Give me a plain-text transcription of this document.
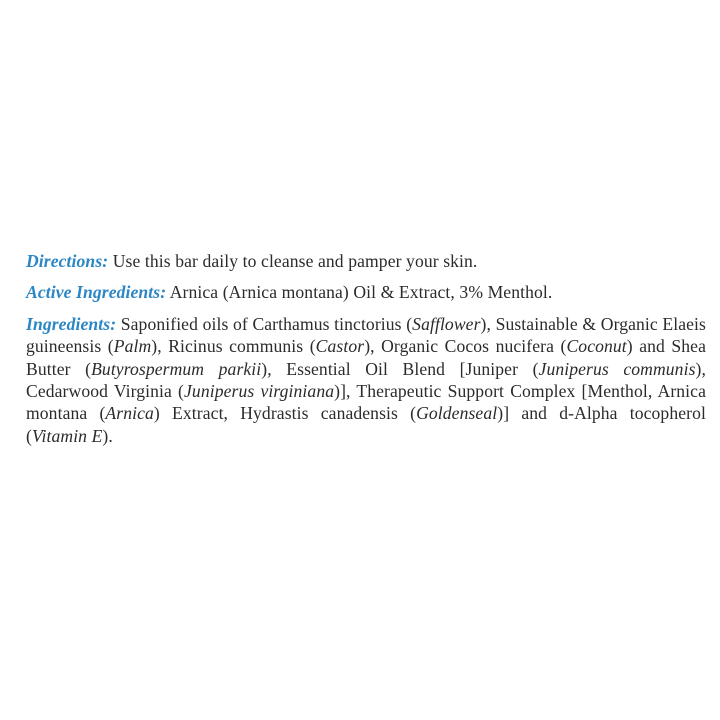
Directions: Use this bar daily to cleanse and pamper your skin.

Active Ingredients: Arnica (Arnica montana) Oil & Extract, 3% Menthol.

Ingredients: Saponified oils of Carthamus tinctorius (Safflower), Sustainable & Organic Elaeis guineensis (Palm), Ricinus communis (Castor), Organic Cocos nucifera (Coconut) and Shea Butter (Butyrospermum parkii), Essential Oil Blend [Juniper (Juniperus communis), Cedarwood Virginia (Juniperus virginiana)], Therapeutic Support Complex [Menthol, Arnica montana (Arnica) Extract, Hydrastis canadensis (Goldenseal)] and d-Alpha tocopherol (Vitamin E).
